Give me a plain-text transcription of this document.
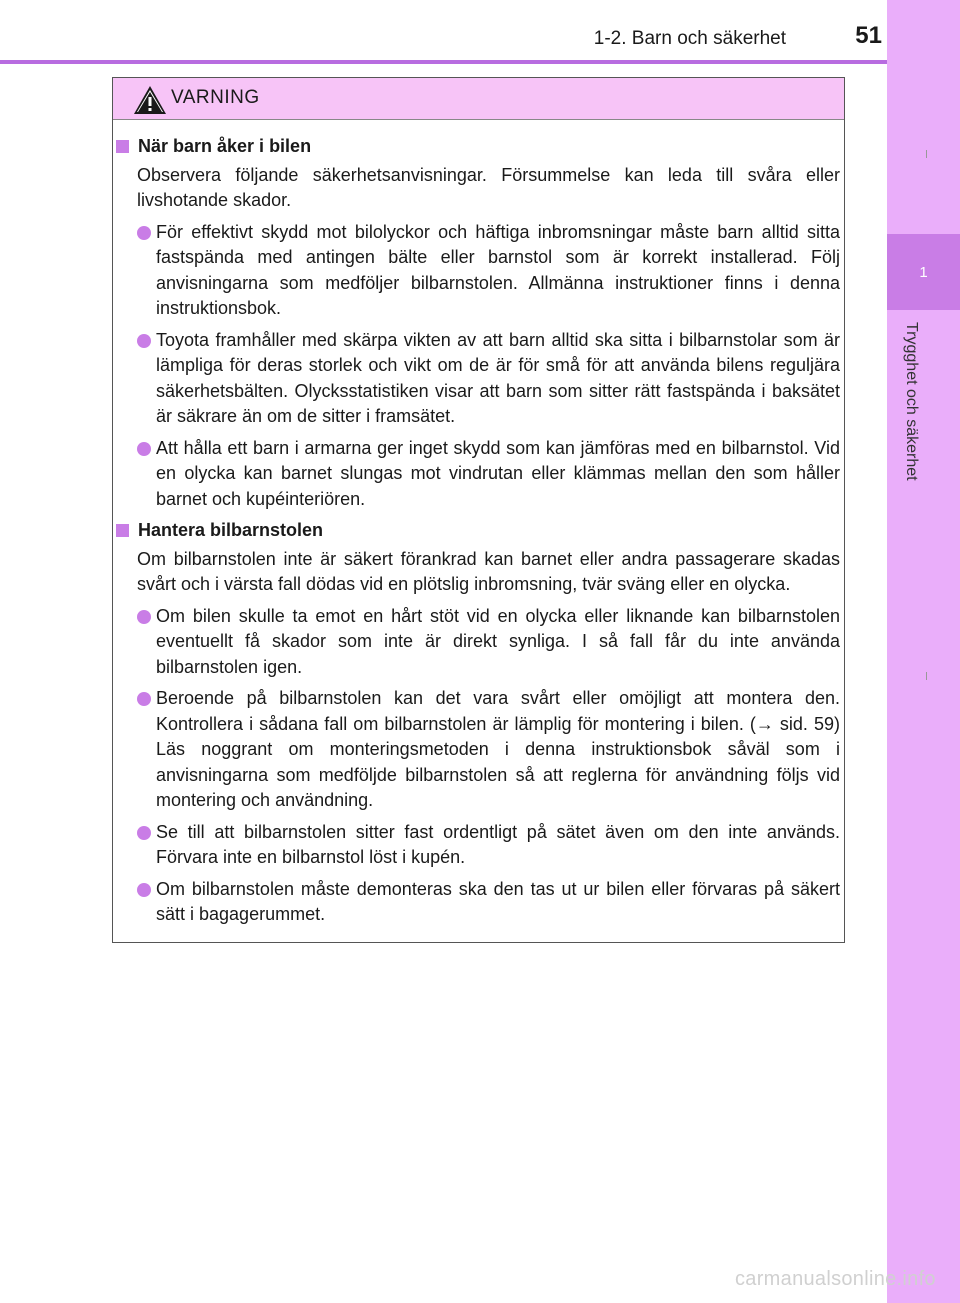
1-2. Barn och säkerhet	51
1
Trygghet och säkerhet
VARNING
När barn åker i bilen
Observera följande säkerhetsanvisningar. Försummelse kan leda till svåra eller livshotande skador.
För effektivt skydd mot bilolyckor och häftiga inbromsningar måste barn alltid sitta fastspända med antingen bälte eller barnstol som är korrekt installerad. Följ anvisningarna som medföljer bilbarnstolen. Allmänna instruktioner finns i denna instruktionsbok.
Toyota framhåller med skärpa vikten av att barn alltid ska sitta i bilbarnstolar som är lämpliga för deras storlek och vikt om de är för små för att använda bilens reguljära säkerhetsbälten. Olycksstatistiken visar att barn som sitter rätt fastspända i baksätet är säkrare än om de sitter i framsätet.
Att hålla ett barn i armarna ger inget skydd som kan jämföras med en bilbarnstol. Vid en olycka kan barnet slungas mot vindrutan eller klämmas mellan den som håller barnet och kupéinteriören.
Hantera bilbarnstolen
Om bilbarnstolen inte är säkert förankrad kan barnet eller andra passagerare skadas svårt och i värsta fall dödas vid en plötslig inbromsning, tvär sväng eller en olycka.
Om bilen skulle ta emot en hårt stöt vid en olycka eller liknande kan bilbarnstolen eventuellt få skador som inte är direkt synliga. I så fall får du inte använda bilbarnstolen igen.
Beroende på bilbarnstolen kan det vara svårt eller omöjligt att montera den. Kontrollera i sådana fall om bilbarnstolen är lämplig för montering i bilen. (→ sid. 59) Läs noggrant om monteringsmetoden i denna instruktionsbok såväl som i anvisningarna som medföljde bilbarnstolen så att reglerna för användning följs vid montering och användning.
Se till att bilbarnstolen sitter fast ordentligt på sätet även om den inte används. Förvara inte en bilbarnstol löst i kupén.
Om bilbarnstolen måste demonteras ska den tas ut ur bilen eller förvaras på säkert sätt i bagagerummet.
carmanualsonline.info
